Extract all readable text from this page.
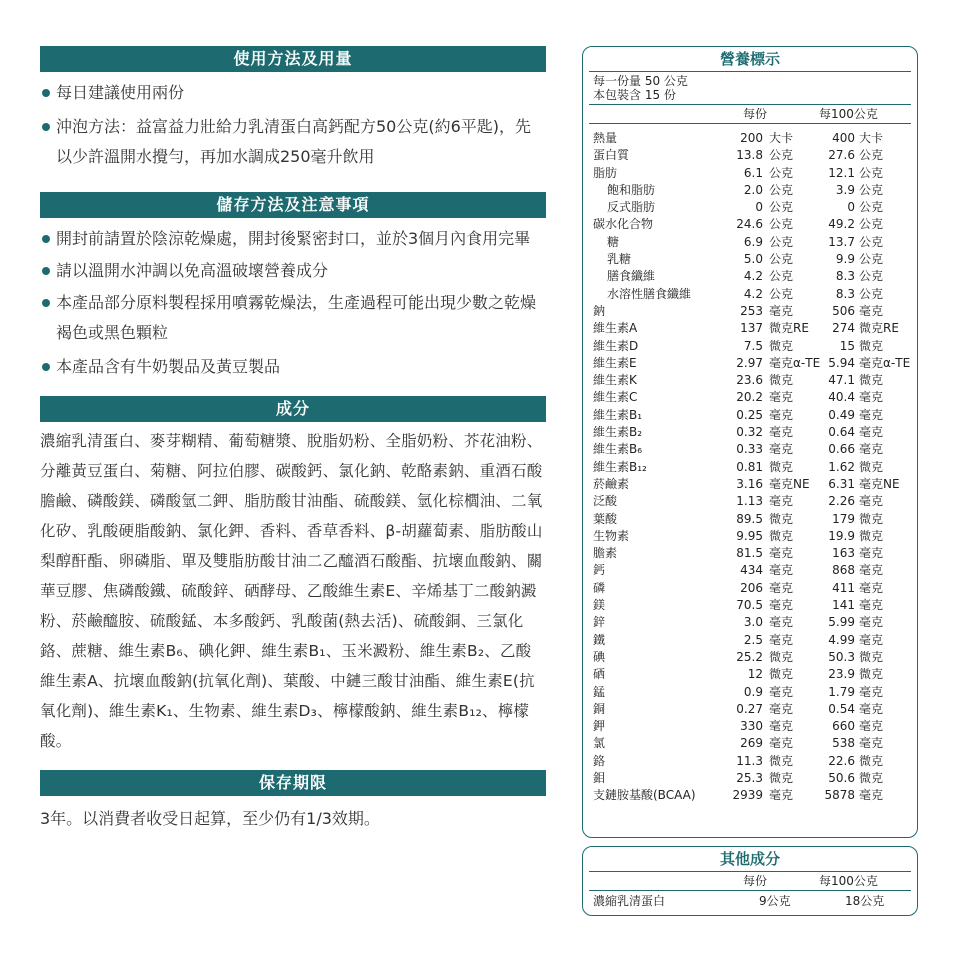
使用方法及用量

每日建議使用兩份

沖泡方法：益富益力壯給力乳清蛋白高鈣配方50公克(約6平匙)，先以少許溫開水攪勻，再加水調成250毫升飲用

儲存方法及注意事項

開封前請置於陰涼乾燥處，開封後緊密封口，並於3個月內食用完畢

請以溫開水沖調以免高溫破壞營養成分

本產品部分原料製程採用噴霧乾燥法，生產過程可能出現少數之乾燥褐色或黑色顆粒

本產品含有牛奶製品及黃豆製品

成分

濃縮乳清蛋白、麥芽糊精、葡萄糖漿、脫脂奶粉、全脂奶粉、芥花油粉、分離黃豆蛋白、菊糖、阿拉伯膠、碳酸鈣、氯化鈉、乾酪素鈉、重酒石酸膽鹼、磷酸鎂、磷酸氫二鉀、脂肪酸甘油酯、硫酸鎂、氫化棕櫚油、二氧化矽、乳酸硬脂酸鈉、氯化鉀、香料、香草香料、β-胡蘿蔔素、脂肪酸山梨醇酐酯、卵磷脂、單及雙脂肪酸甘油二乙醯酒石酸酯、抗壞血酸鈉、關華豆膠、焦磷酸鐵、硫酸鋅、硒酵母、乙酸維生素E、辛烯基丁二酸鈉澱粉、菸鹼醯胺、硫酸錳、本多酸鈣、乳酸菌(熱去活)、硫酸銅、三氯化鉻、蔗糖、維生素B₆、碘化鉀、維生素B₁、玉米澱粉、維生素B₂、乙酸維生素A、抗壞血酸鈉(抗氧化劑)、葉酸、中鏈三酸甘油酯、維生素E(抗氧化劑)、維生素K₁、生物素、維生素D₃、檸檬酸鈉、維生素B₁₂、檸檬酸。

保存期限

3年。以消費者收受日起算，至少仍有1/3效期。

營養標示
每一份量 50 公克
本包裝含 15 份
每份	每100公克
熱量	200 大卡	400 大卡
蛋白質	13.8 公克	27.6 公克
脂肪	6.1 公克	12.1 公克
飽和脂肪	2.0 公克	3.9 公克
反式脂肪	0 公克	0 公克
碳水化合物	24.6 公克	49.2 公克
糖	6.9 公克	13.7 公克
乳糖	5.0 公克	9.9 公克
膳食纖維	4.2 公克	8.3 公克
水溶性膳食纖維	4.2 公克	8.3 公克
鈉	253 毫克	506 毫克
維生素A	137 微克RE	274 微克RE
維生素D	7.5 微克	15 微克
維生素E	2.97 毫克α-TE 5.94 毫克α-TE
維生素K	23.6 微克	47.1 微克
維生素C	20.2 毫克	40.4 毫克
維生素B₁	0.25 毫克	0.49 毫克
維生素B₂	0.32 毫克	0.64 毫克
維生素B₆	0.33 毫克	0.66 毫克
維生素B₁₂	0.81 微克	1.62 微克
菸鹼素	3.16 毫克NE	6.31 毫克NE
泛酸	1.13 毫克	2.26 毫克
葉酸	89.5 微克	179 微克
生物素	9.95 微克	19.9 微克
膽素	81.5 毫克	163 毫克
鈣	434 毫克	868 毫克
磷	206 毫克	411 毫克
鎂	70.5 毫克	141 毫克
鋅	3.0 毫克	5.99 毫克
鐵	2.5 毫克	4.99 毫克
碘	25.2 微克	50.3 微克
硒	12 微克	23.9 微克
錳	0.9 毫克	1.79 毫克
銅	0.27 毫克	0.54 毫克
鉀	330 毫克	660 毫克
氯	269 毫克	538 毫克
鉻	11.3 微克	22.6 微克
鉬	25.3 微克	50.6 微克
支鏈胺基酸(BCAA)	2939 毫克	5878 毫克
其他成分
每份	每100公克
濃縮乳清蛋白	9公克	18公克
